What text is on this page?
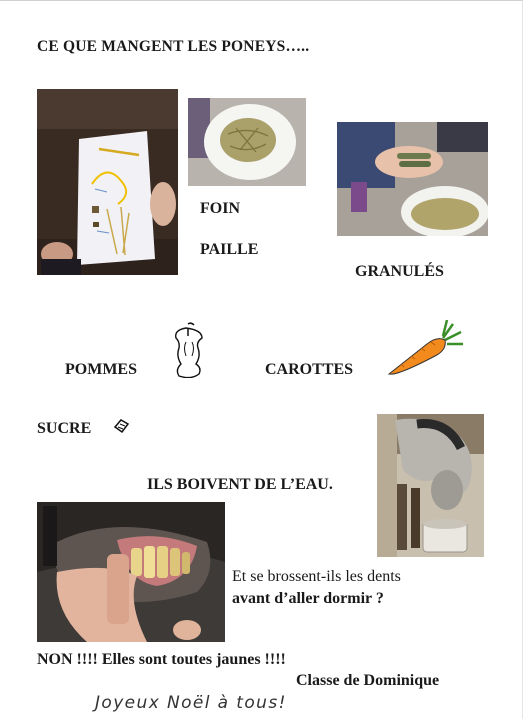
CE QUE MANGENT LES PONEYS…..
FOIN
PAILLE
GRANULÉS
POMMES	CAROTTES
SUCRE
ILS BOIVENT DE L’EAU.
Et se brossent-ils les dents
avant d’aller dormir ?
NON !!!! Elles sont toutes jaunes !!!!
Classe de Dominique
Joyeux Noël à tous!
